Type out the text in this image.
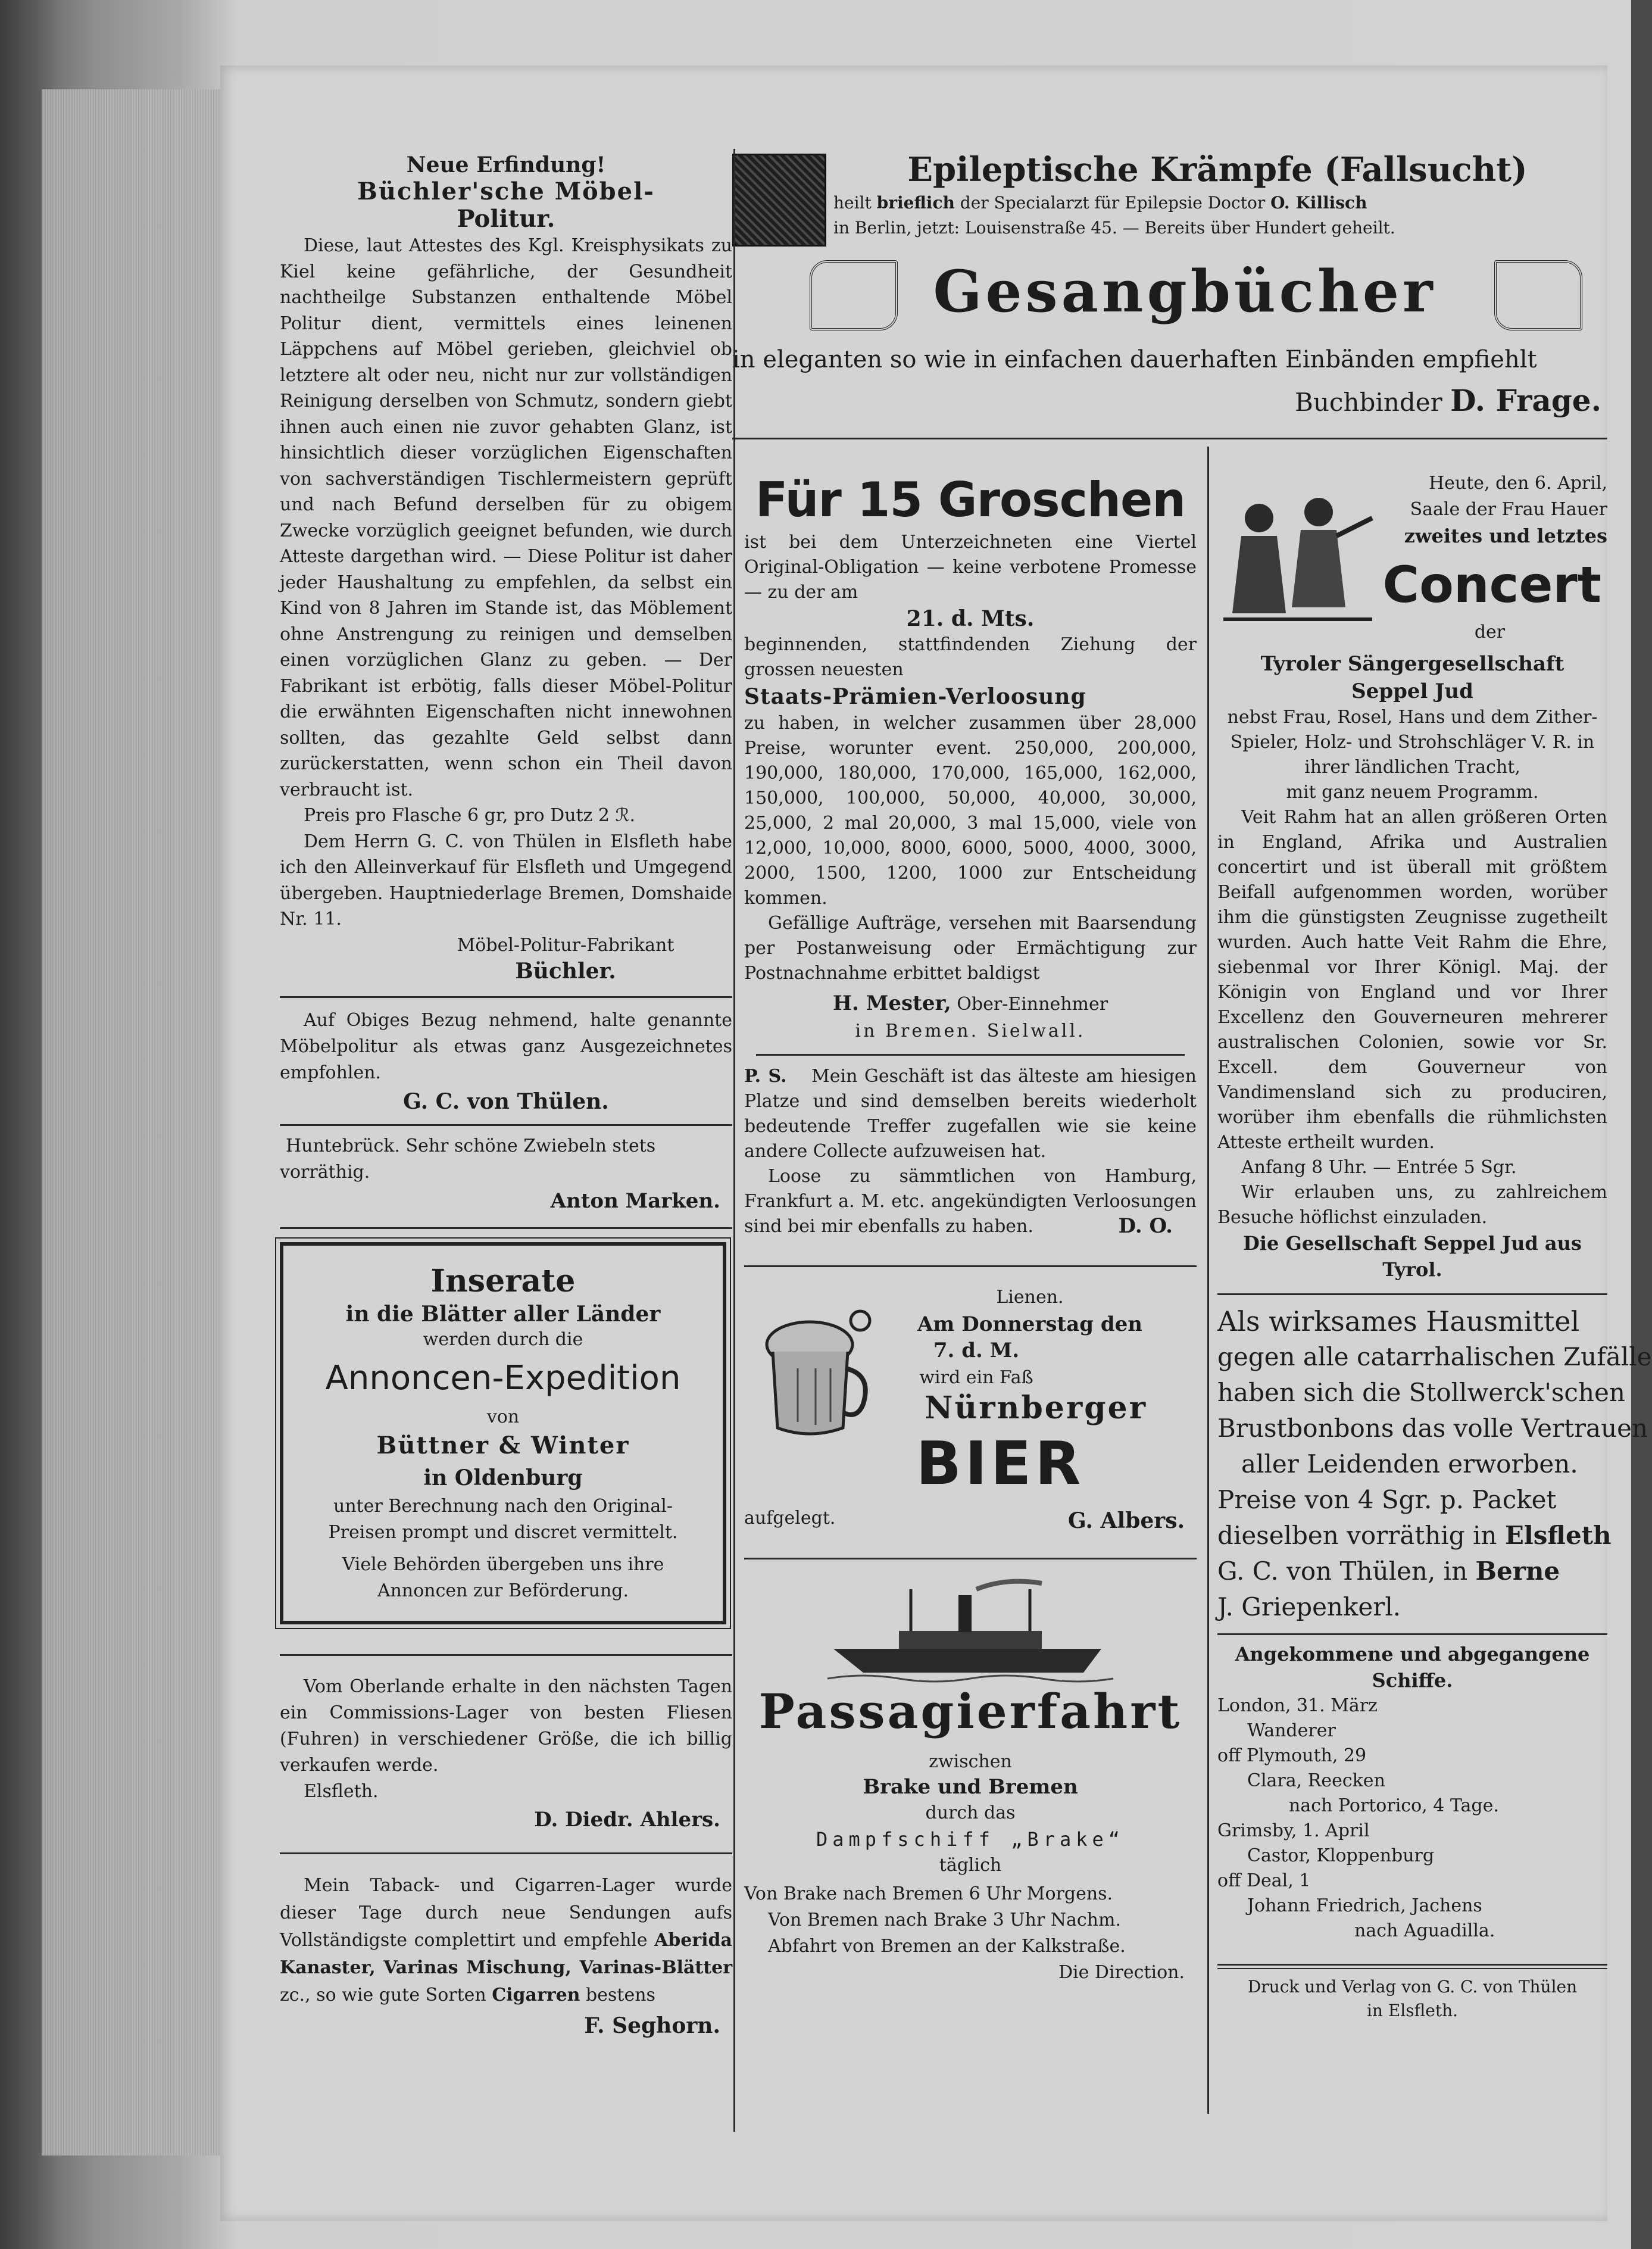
Neue Erfindung!

Büchler'sche Möbel-

Politur.

Diese, laut Attestes des Kgl. Kreisphysikats zu Kiel keine gefährliche, der Gesundheit nachtheilge Substanzen enthaltende Möbel Politur dient, vermittels eines leinenen Läppchens auf Möbel gerieben, gleichviel ob letztere alt oder neu, nicht nur zur vollständigen Reinigung derselben von Schmutz, sondern giebt ihnen auch einen nie zuvor gehabten Glanz, ist hinsichtlich dieser vorzüglichen Eigenschaften von sachverständigen Tischlermeistern geprüft und nach Befund derselben für zu obigem Zwecke vorzüglich geeignet befunden, wie durch Atteste dargethan wird. — Diese Politur ist daher jeder Haushaltung zu empfehlen, da selbst ein Kind von 8 Jahren im Stande ist, das Möblement ohne Anstrengung zu reinigen und demselben einen vorzüglichen Glanz zu geben. — Der Fabrikant ist erbötig, falls dieser Möbel-Politur die erwähnten Eigenschaften nicht innewohnen sollten, das gezahlte Geld selbst dann zurückerstatten, wenn schon ein Theil davon verbraucht ist.

Preis pro Flasche 6 gr, pro Dutz 2 ℛ.

Dem Herrn G. C. von Thülen in Elsfleth habe ich den Alleinverkauf für Elsfleth und Umgegend übergeben. Hauptniederlage Bremen, Domshaide Nr. 11.

Möbel-Politur-Fabrikant

Büchler.

Auf Obiges Bezug nehmend, halte genannte Möbelpolitur als etwas ganz Ausgezeichnetes empfohlen.

G. C. von Thülen.

Huntebrück. Sehr schöne Zwiebeln stets vorräthig.

Anton Marken.

Inserate

in die Blätter aller Länder

werden durch die

Annoncen-Expedition

von

Büttner & Winter

in Oldenburg

unter Berechnung nach den Original-Preisen prompt und discret vermittelt.

Viele Behörden übergeben uns ihre Annoncen zur Beförderung.

Vom Oberlande erhalte in den nächsten Tagen ein Commissions-Lager von besten Fliesen (Fuhren) in verschiedener Größe, die ich billig verkaufen werde.

Elsfleth.

D. Diedr. Ahlers.

Mein Taback- und Cigarren-Lager wurde dieser Tage durch neue Sendungen aufs Vollständigste complettirt und empfehle Aberida Kanaster, Varinas Mischung, Varinas-Blätter zc., so wie gute Sorten Cigarren bestens

F. Seghorn.

Epileptische Krämpfe (Fallsucht)

heilt brieflich der Specialarzt für Epilepsie Doctor O. Killisch

in Berlin, jetzt: Louisenstraße 45. — Bereits über Hundert geheilt.

Gesangbücher

in eleganten so wie in einfachen dauerhaften Einbänden empfiehlt

Buchbinder D. Frage.

Für 15 Groschen

ist bei dem Unterzeichneten eine Viertel Original-Obligation — keine verbotene Promesse — zu der am

21. d. Mts.

beginnenden, stattfindenden Ziehung der grossen neuesten

Staats-Prämien-Verloosung

zu haben, in welcher zusammen über 28,000 Preise, worunter event. 250,000, 200,000, 190,000, 180,000, 170,000, 165,000, 162,000, 150,000, 100,000, 50,000, 40,000, 30,000, 25,000, 2 mal 20,000, 3 mal 15,000, viele von 12,000, 10,000, 8000, 6000, 5000, 4000, 3000, 2000, 1500, 1200, 1000 zur Entscheidung kommen.

Gefällige Aufträge, versehen mit Baarsendung per Postanweisung oder Ermächtigung zur Postnachnahme erbittet baldigst

H. Mester, Ober-Einnehmer

in Bremen. Sielwall.

P. S. Mein Geschäft ist das älteste am hiesigen Platze und sind demselben bereits wiederholt bedeutende Treffer zugefallen wie sie keine andere Collecte aufzuweisen hat.

Loose zu sämmtlichen von Hamburg, Frankfurt a. M. etc. angekündigten Verloosungen sind bei mir ebenfalls zu haben.	D. O.

Lienen.

Am Donnerstag den

7. d. M.

wird ein Faß

Nürnberger

BIER

aufgelegt.	G. Albers.

Passagierfahrt

zwischen

Brake und Bremen

durch das

Dampfschiff „Brake“

täglich

Von Brake nach Bremen 6 Uhr Morgens.

Von Bremen nach Brake 3 Uhr Nachm.

Abfahrt von Bremen an der Kalkstraße.

Die Direction.

Heute, den 6. April,

Saale der Frau Hauer

zweites und letztes

Concert

der

Tyroler Sängergesellschaft

Seppel Jud

nebst Frau, Rosel, Hans und dem Zither-Spieler, Holz- und Strohschläger V. R. in ihrer ländlichen Tracht,

mit ganz neuem Programm.

Veit Rahm hat an allen größeren Orten in England, Afrika und Australien concertirt und ist überall mit größtem Beifall aufgenommen worden, worüber ihm die günstigsten Zeugnisse zugetheilt wurden. Auch hatte Veit Rahm die Ehre, siebenmal vor Ihrer Königl. Maj. der Königin von England und vor Ihrer Excellenz den Gouverneuren mehrerer australischen Colonien, sowie vor Sr. Excell. dem Gouverneur von Vandimensland sich zu produciren, worüber ihm ebenfalls die rühmlichsten Atteste ertheilt wurden.

Anfang 8 Uhr. — Entrée 5 Sgr.

Wir erlauben uns, zu zahlreichem Besuche höflichst einzuladen.

Die Gesellschaft Seppel Jud aus Tyrol.

Als wirksames Hausmittel

gegen alle catarrhalischen Zufälle

haben sich die Stollwerck'schen

Brustbonbons das volle Vertrauen

aller Leidenden erworben.

Preise von 4 Sgr. p. Packet

dieselben vorräthig in Elsfleth

G. C. von Thülen, in Berne

J. Griepenkerl.

Angekommene und abgegangene

Schiffe.

London, 31. März

Wanderer

off Plymouth, 29

Clara, Reecken

nach Portorico, 4 Tage.

Grimsby, 1. April

Castor, Kloppenburg

off Deal, 1

Johann Friedrich, Jachens

nach Aguadilla.

Druck und Verlag von G. C. von Thülen

in Elsfleth.
